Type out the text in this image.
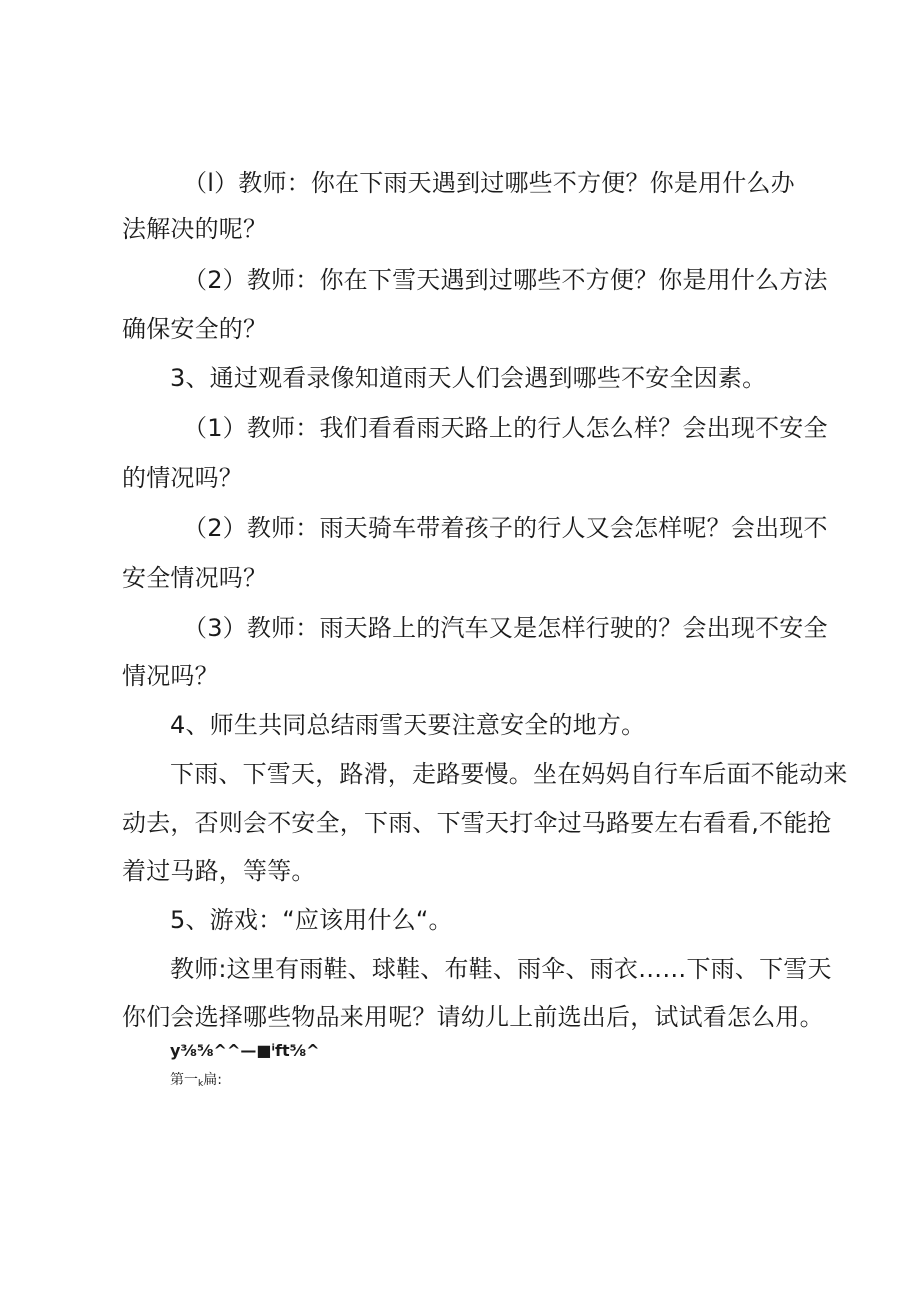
（l）教师：你在下雨天遇到过哪些不方便？你是用什么办
法解决的呢？
（2）教师：你在下雪天遇到过哪些不方便？你是用什么方法
确保安全的？
3、通过观看录像知道雨天人们会遇到哪些不安全因素。
（1）教师：我们看看雨天路上的行人怎么样？会出现不安全
的情况吗？
（2）教师：雨天骑车带着孩子的行人又会怎样呢？会出现不
安全情况吗？
（3）教师：雨天路上的汽车又是怎样行驶的？会出现不安全
情况吗？
4、师生共同总结雨雪天要注意安全的地方。
下雨、下雪天，路滑，走路要慢。坐在妈妈自行车后面不能动来
动去，否则会不安全，下雨、下雪天打伞过马路要左右看看,不能抢
着过马路，等等。
5、游戏：“应该用什么“。
教师:这里有雨鞋、球鞋、布鞋、雨伞、雨衣……下雨、下雪天
你们会选择哪些物品来用呢？请幼儿上前选出后，试试看怎么用。
y⅜⅝^^—■ⁱft⅝^
第一k扁:
